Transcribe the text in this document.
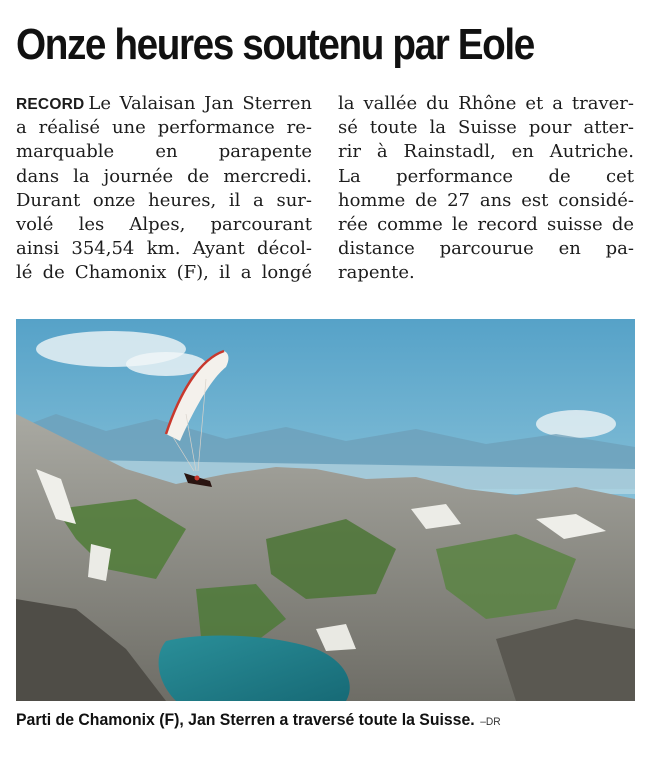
Onze heures soutenu par Eole
RECORD Le Valaisan Jan Sterren
a réalisé une performance re-
marquable en parapente
dans la journée de mercredi.
Durant onze heures, il a sur-
volé les Alpes, parcourant
ainsi 354,54 km. Ayant décol-
lé de Chamonix (F), il a longé
la vallée du Rhône et a traver-
sé toute la Suisse pour atter-
rir à Rainstadl, en Autriche.
La performance de cet
homme de 27 ans est considé-
rée comme le record suisse de
distance parcourue en pa-
rapente.
Parti de Chamonix (F), Jan Sterren a traversé toute la Suisse. –DR
